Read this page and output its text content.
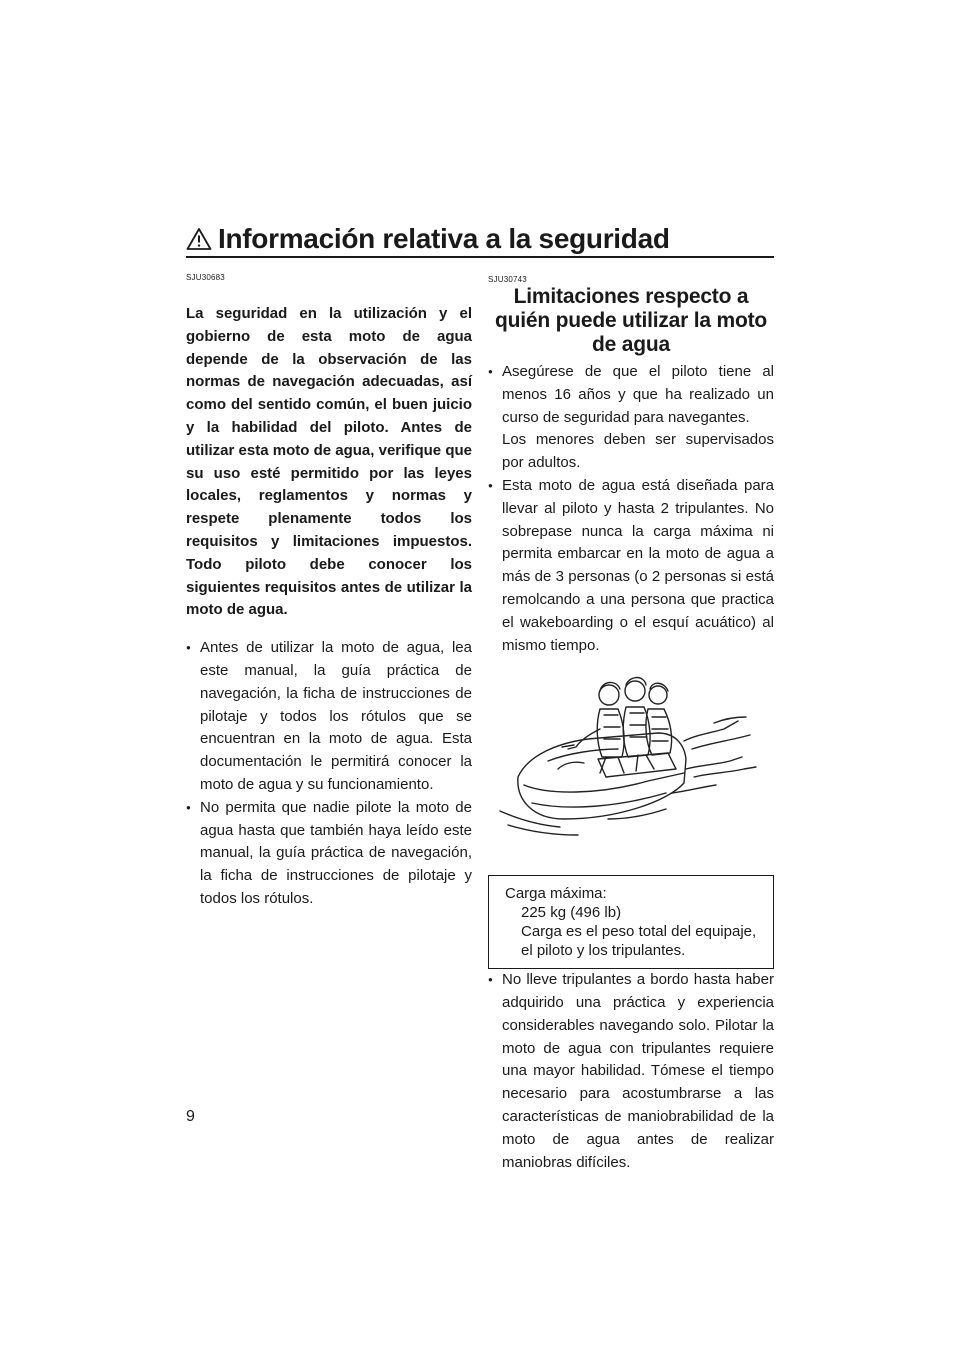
Información relativa a la seguridad
SJU30683

La seguridad en la utilización y el gobierno de esta moto de agua depende de la observación de las normas de navegación adecuadas, así como del sentido común, el buen juicio y la habilidad del piloto. Antes de utilizar esta moto de agua, verifique que su uso esté permitido por las leyes locales, reglamentos y normas y respete plenamente todos los requisitos y limitaciones impuestos. Todo piloto debe conocer los siguientes requisitos antes de utilizar la moto de agua.

● Antes de utilizar la moto de agua, lea este manual, la guía práctica de navegación, la ficha de instrucciones de pilotaje y todos los rótulos que se encuentran en la moto de agua. Esta documentación le permitirá conocer la moto de agua y su funcionamiento.
● No permita que nadie pilote la moto de agua hasta que también haya leído este manual, la guía práctica de navegación, la ficha de instrucciones de pilotaje y todos los rótulos.
SJU30743
Limitaciones respecto a quién puede utilizar la moto de agua
● Asegúrese de que el piloto tiene al menos 16 años y que ha realizado un curso de seguridad para navegantes.
Los menores deben ser supervisados por adultos.
● Esta moto de agua está diseñada para llevar al piloto y hasta 2 tripulantes. No sobrepase nunca la carga máxima ni permita embarcar en la moto de agua a más de 3 personas (o 2 personas si está remolcando a una persona que practica el wakeboarding o el esquí acuático) al mismo tiempo.
Carga máxima:
225 kg (496 lb)
Carga es el peso total del equipaje, el piloto y los tripulantes.
● No lleve tripulantes a bordo hasta haber adquirido una práctica y experiencia considerables navegando solo. Pilotar la moto de agua con tripulantes requiere una mayor habilidad. Tómese el tiempo necesario para acostumbrarse a las características de maniobrabilidad de la moto de agua antes de realizar maniobras difíciles.
9
